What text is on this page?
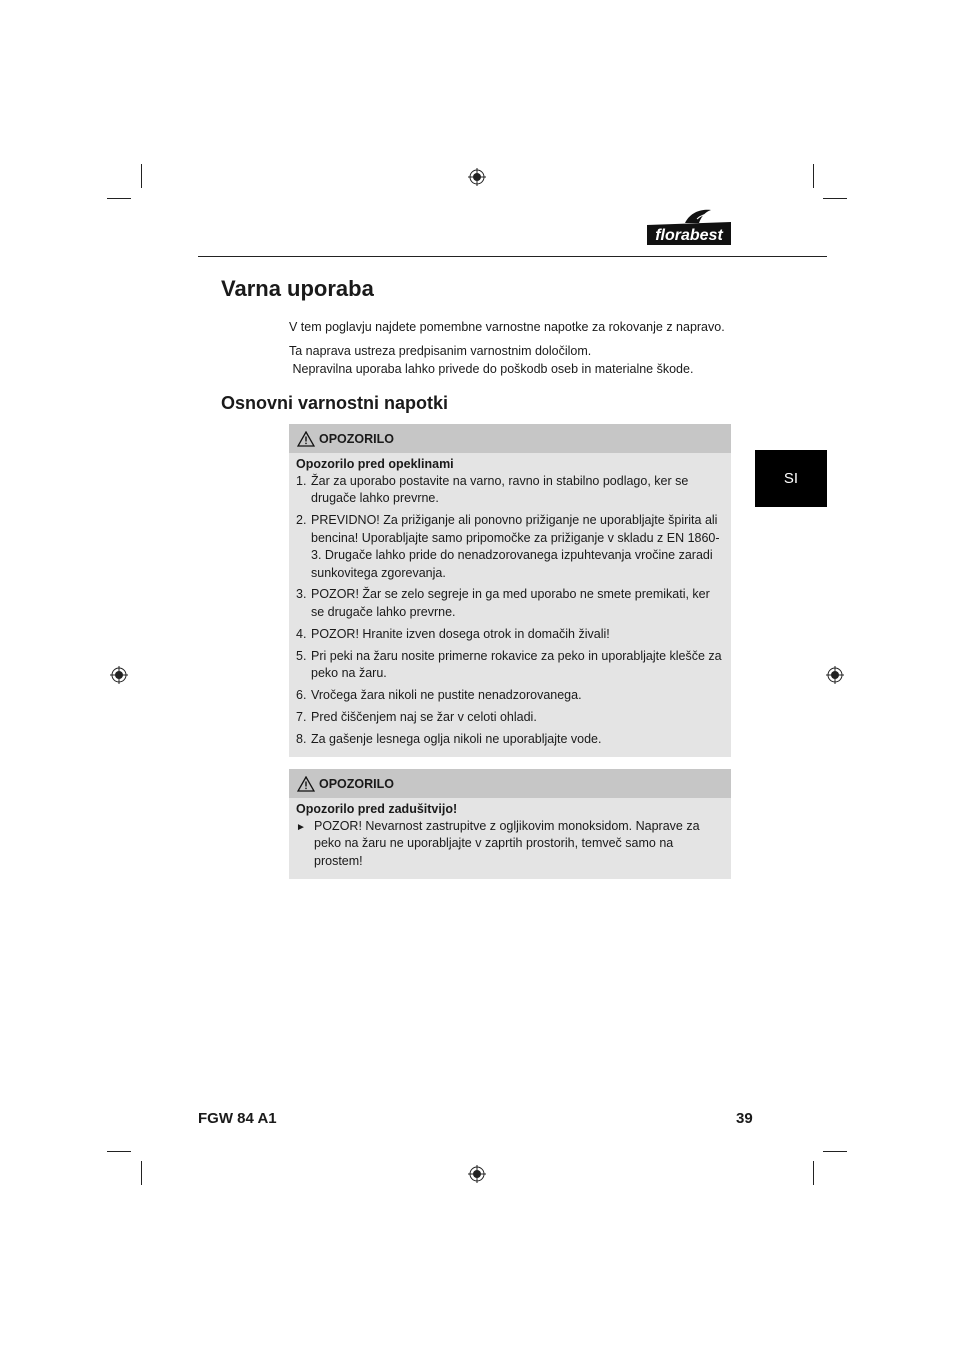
florabest
Varna uporaba
V tem poglavju najdete pomembne varnostne napotke za rokovanje z napravo.
Ta naprava ustreza predpisanim varnostnim določilom.
Nepravilna uporaba lahko privede do poškodb oseb in materialne škode.
Osnovni varnostni napotki
SI
OPOZORILO
Opozorilo pred opeklinami
1. Žar za uporabo postavite na varno, ravno in stabilno podlago, ker se drugače lahko prevrne.
2. PREVIDNO! Za prižiganje ali ponovno prižiganje ne uporabljajte špirita ali bencina! Uporabljajte samo pripomočke za prižiganje v skladu z EN 1860-3. Drugače lahko pride do nenadzorovanega izpuhtevanja vročine zaradi sunkovitega zgorevanja.
3. POZOR! Žar se zelo segreje in ga med uporabo ne smete premikati, ker se drugače lahko prevrne.
4. POZOR! Hranite izven dosega otrok in domačih živali!
5. Pri peki na žaru nosite primerne rokavice za peko in uporabljajte klešče za peko na žaru.
6. Vročega žara nikoli ne pustite nenadzorovanega.
7. Pred čiščenjem naj se žar v celoti ohladi.
8. Za gašenje lesnega oglja nikoli ne uporabljajte vode.
OPOZORILO
Opozorilo pred zadušitvijo!
► POZOR! Nevarnost zastrupitve z ogljikovim monoksidom. Naprave za peko na žaru ne uporabljajte v zaprtih prostorih, temveč samo na prostem!
FGW 84 A1	39
